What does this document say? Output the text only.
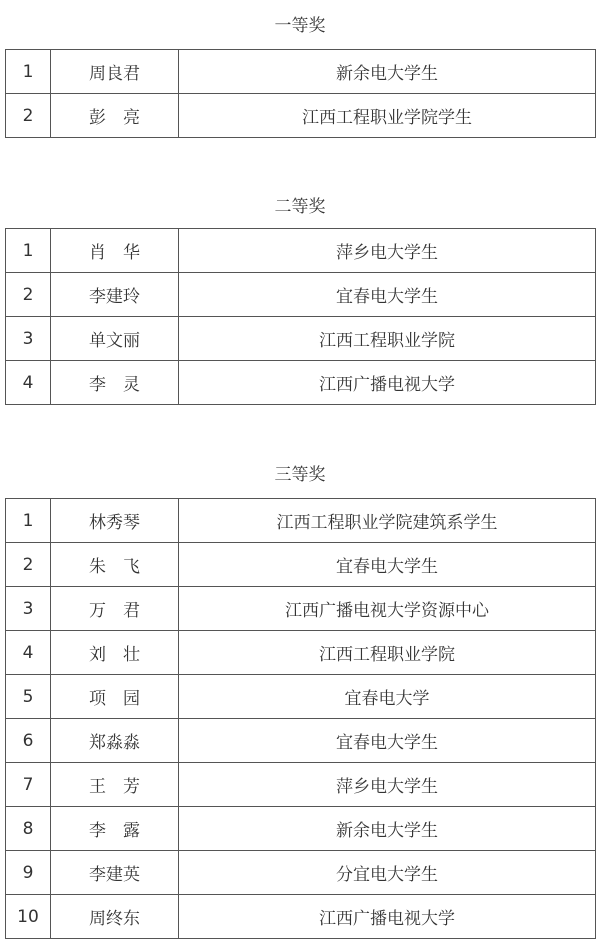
一等奖
1	周良君	新余电大学生
2	彭　亮	江西工程职业学院学生
二等奖
1	肖　华	萍乡电大学生
2	李建玲	宜春电大学生
3	单文丽	江西工程职业学院
4	李　灵	江西广播电视大学
三等奖
1	林秀琴	江西工程职业学院建筑系学生
2	朱　飞	宜春电大学生
3	万　君	江西广播电视大学资源中心
4	刘　壮	江西工程职业学院
5	项　园	宜春电大学
6	郑淼淼	宜春电大学生
7	王　芳	萍乡电大学生
8	李　露	新余电大学生
9	李建英	分宜电大学生
10	周终东	江西广播电视大学
